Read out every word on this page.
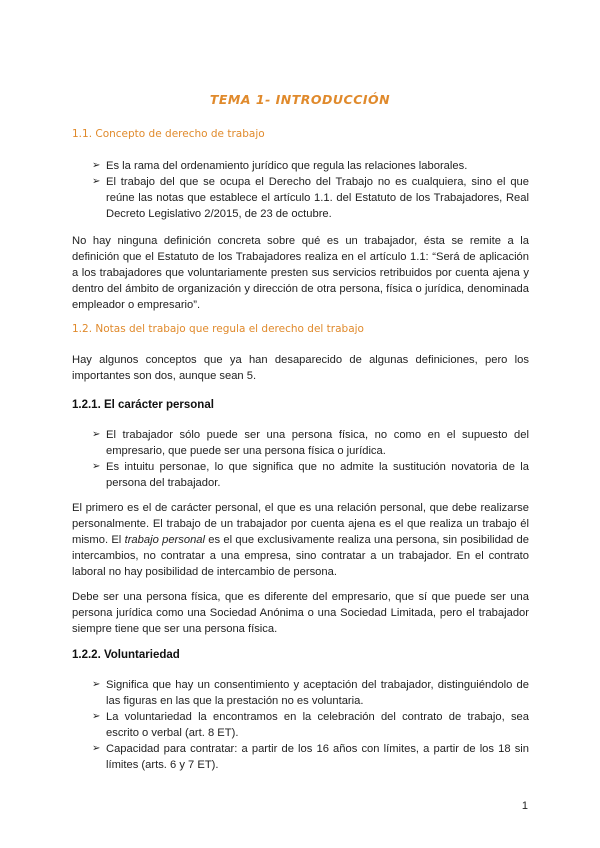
TEMA 1- INTRODUCCIÓN
1.1. Concepto de derecho de trabajo
➢ Es la rama del ordenamiento jurídico que regula las relaciones laborales.
➢ El trabajo del que se ocupa el Derecho del Trabajo no es cualquiera, sino el que reúne las notas que establece el artículo 1.1. del Estatuto de los Trabajadores, Real Decreto Legislativo 2/2015, de 23 de octubre.
No hay ninguna definición concreta sobre qué es un trabajador, ésta se remite a la definición que el Estatuto de los Trabajadores realiza en el artículo 1.1: “Será de aplicación a los trabajadores que voluntariamente presten sus servicios retribuidos por cuenta ajena y dentro del ámbito de organización y dirección de otra persona, física o jurídica, denominada empleador o empresario”.
1.2. Notas del trabajo que regula el derecho del trabajo
Hay algunos conceptos que ya han desaparecido de algunas definiciones, pero los importantes son dos, aunque sean 5.
1.2.1. El carácter personal
➢ El trabajador sólo puede ser una persona física, no como en el supuesto del empresario, que puede ser una persona física o jurídica.
➢ Es intuitu personae, lo que significa que no admite la sustitución novatoria de la persona del trabajador.
El primero es el de carácter personal, el que es una relación personal, que debe realizarse personalmente. El trabajo de un trabajador por cuenta ajena es el que realiza un trabajo él mismo. El trabajo personal es el que exclusivamente realiza una persona, sin posibilidad de intercambios, no contratar a una empresa, sino contratar a un trabajador. En el contrato laboral no hay posibilidad de intercambio de persona.
Debe ser una persona física, que es diferente del empresario, que sí que puede ser una persona jurídica como una Sociedad Anónima o una Sociedad Limitada, pero el trabajador siempre tiene que ser una persona física.
1.2.2. Voluntariedad
➢ Significa que hay un consentimiento y aceptación del trabajador, distinguiéndolo de las figuras en las que la prestación no es voluntaria.
➢ La voluntariedad la encontramos en la celebración del contrato de trabajo, sea escrito o verbal (art. 8 ET).
➢ Capacidad para contratar: a partir de los 16 años con límites, a partir de los 18 sin límites (arts. 6 y 7 ET).
1
